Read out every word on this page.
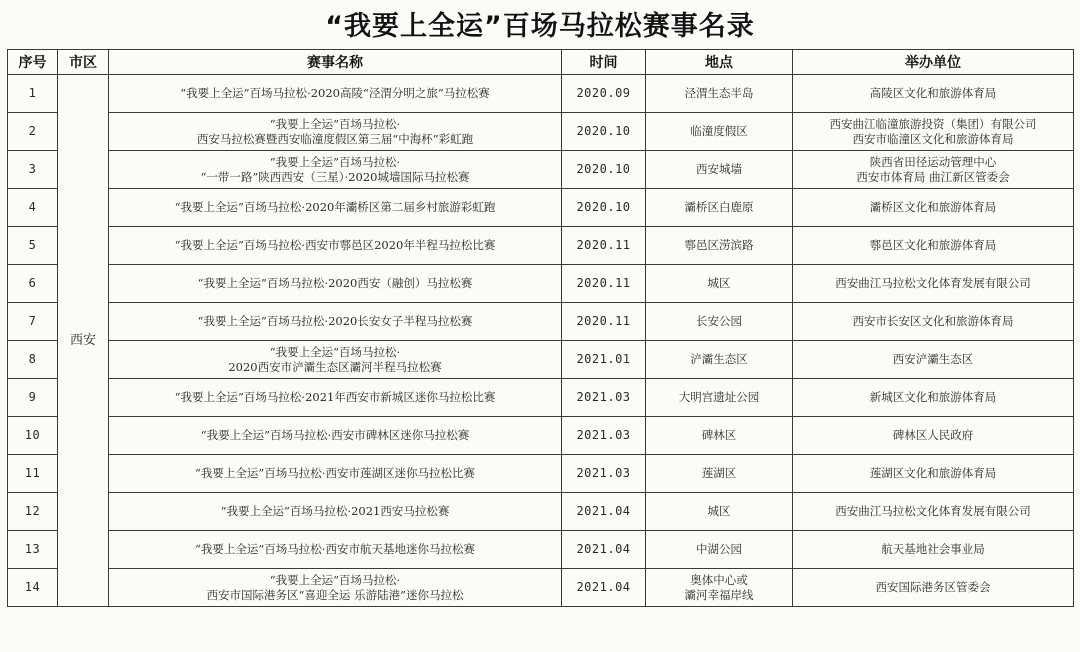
“我要上全运”百场马拉松赛事名录
序号	市区	赛事名称	时间	地点	举办单位
1	西安	“我要上全运”百场马拉松·2020高陵“泾渭分明之旅”马拉松赛	2020.09	泾渭生态半岛	高陵区文化和旅游体育局

2		“我要上全运”百场马拉松·
西安马拉松赛暨西安临潼度假区第三届“中海杯”彩虹跑	2020.10	临潼度假区	西安曲江临潼旅游投资（集团）有限公司
西安市临潼区文化和旅游体育局

3		“我要上全运”百场马拉松·
“一带一路”陕西西安（三星）·2020城墙国际马拉松赛	2020.10	西安城墙	陕西省田径运动管理中心
西安市体育局 曲江新区管委会

4		“我要上全运”百场马拉松·2020年灞桥区第二届乡村旅游彩虹跑	2020.10	灞桥区白鹿原	灞桥区文化和旅游体育局

5		“我要上全运”百场马拉松·西安市鄠邑区2020年半程马拉松比赛	2020.11	鄠邑区涝滨路	鄠邑区文化和旅游体育局

6		“我要上全运”百场马拉松·2020西安（融创）马拉松赛	2020.11	城区	西安曲江马拉松文化体育发展有限公司

7		“我要上全运”百场马拉松·2020长安女子半程马拉松赛	2020.11	长安公园	西安市长安区文化和旅游体育局

8		“我要上全运”百场马拉松·
2020西安市浐灞生态区灞河半程马拉松赛	2021.01	浐灞生态区	西安浐灞生态区

9		“我要上全运”百场马拉松·2021年西安市新城区迷你马拉松比赛	2021.03	大明宫遗址公园	新城区文化和旅游体育局

10		“我要上全运”百场马拉松·西安市碑林区迷你马拉松赛	2021.03	碑林区	碑林区人民政府

11		“我要上全运”百场马拉松·西安市莲湖区迷你马拉松比赛	2021.03	莲湖区	莲湖区文化和旅游体育局

12		“我要上全运”百场马拉松·2021西安马拉松赛	2021.04	城区	西安曲江马拉松文化体育发展有限公司

13		“我要上全运”百场马拉松·西安市航天基地迷你马拉松赛	2021.04	中湖公园	航天基地社会事业局

14		“我要上全运”百场马拉松·
西安市国际港务区“喜迎全运 乐游陆港”迷你马拉松	2021.04	奥体中心或
灞河幸福岸线	西安国际港务区管委会
